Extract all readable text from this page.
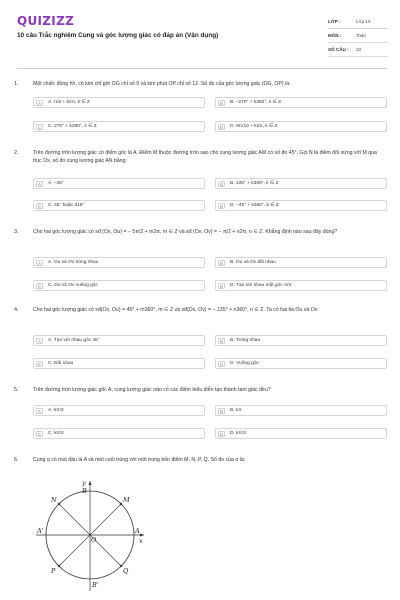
QUIZIZZ
10 câu Trắc nghiệm Cung và góc lượng giác có đáp án (Vận dụng)
LỚP :	Lớp 10
MÔN :	Toán
SỐ CÂU :	10
1.	Một chiếc đồng hồ, có kim chỉ giờ OG chỉ số 9 và kim phút OP chỉ số 12. Số đo của góc lượng giác (OG, OP) là:
A	A. π/2 + k2π, k ∈ Z	B	B. –270° + k360°, k ∈ Z
C	C. 270° + k360°, k ∈ Z	D	D. 9π/10 + k2π, k ∈ Z
2.	Trên đường tròn lượng giác có điểm gốc là A. Điểm M thuộc đường tròn sao cho cung lượng giác AM có số đo 45°. Gọi N là điểm đối xứng với M qua trục Ox, số đo cung lượng giác AN bằng:
A	A. –45°	B	B. 135° + k360°, k ∈ Z
C	C. 45° hoặc 315°	D	D. –45° + k360°, k ∈ Z
3.	Cho hai góc lượng giác có sđ (Ox, Ou) = − 5π/2 + m2π, m ∈ Z và sđ (Ox, Ov) = − π/2 + n2π, n ∈ Z. Khẳng định nào sau đây đúng?
A	A. Ou và Ov trùng nhau	B	B. Ou và Ov đối nhau
C	C. Ou và Ov vuông góc	D	D. Tạo với nhau một góc π/4
4.	Cho hai góc lượng giác có sđ(Ox, Ou) = 45° + m360°, m ∈ Z và sđ(Ox, Ov) = − 135° + n360°, n ∈ Z. Ta có hai tia Ou và Ov:
A	A. Tạo với nhau góc 45°	B	B. Trùng nhau
C	C. Đối nhau	D	D. Vuông góc
5.	Trên đường tròn lượng giác gốc A, cung lượng giác nào có các điểm biểu diễn tạo thành tam giác đều?
A	A. kπ/3	B	B. kπ
C	C. kπ/2	D	D. kπ/3
6.	Cung α có mút đầu là A và mút cuối trùng với một trong bốn điểm M, N, P, Q. Số đo của α là:
y
B
N	M
A'
O
A
x
P	Q
B'
